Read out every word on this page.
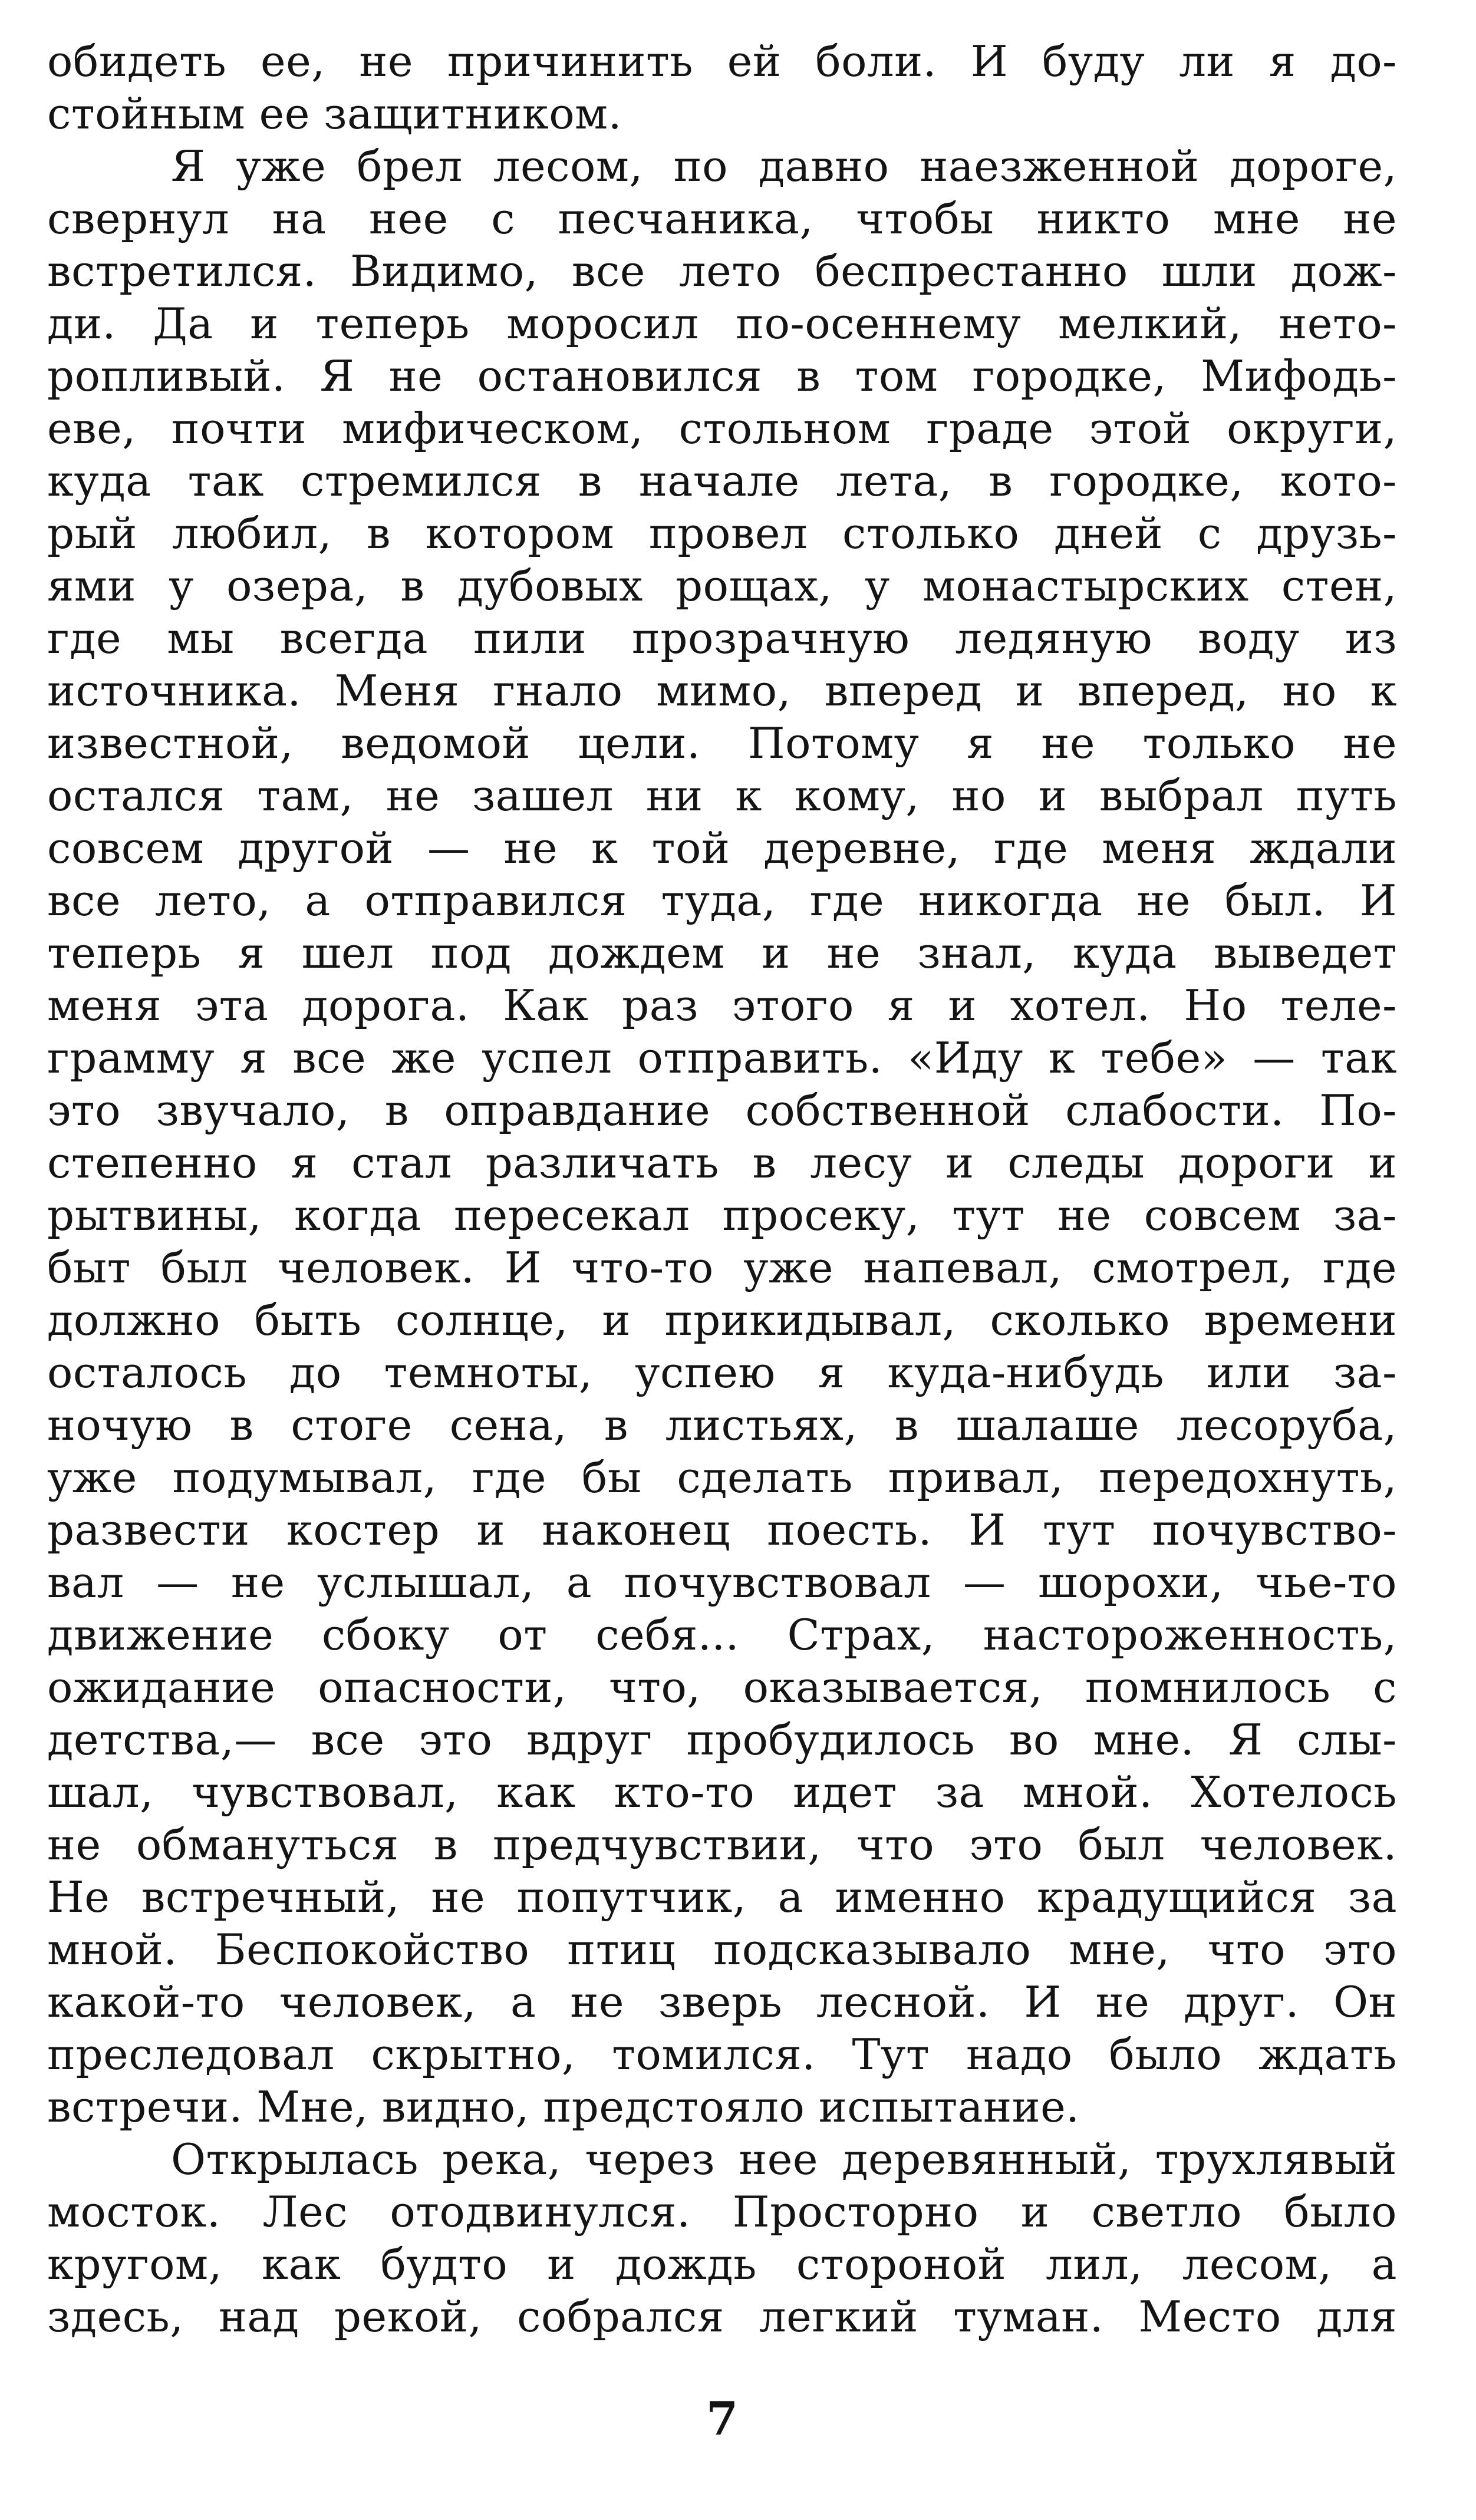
обидеть ее, не причинить ей боли. И буду ли я до-
стойным ее защитником.
Я уже брел лесом, по давно наезженной дороге,
свернул на нее с песчаника, чтобы никто мне не
встретился. Видимо, все лето беспрестанно шли дож-
ди. Да и теперь моросил по-осеннему мелкий, нето-
ропливый. Я не остановился в том городке, Мифодь-
еве, почти мифическом, стольном граде этой округи,
куда так стремился в начале лета, в городке, кото-
рый любил, в котором провел столько дней с друзь-
ями у озера, в дубовых рощах, у монастырских стен,
где мы всегда пили прозрачную ледяную воду из
источника. Меня гнало мимо, вперед и вперед, но к
известной, ведомой цели. Потому я не только не
остался там, не зашел ни к кому, но и выбрал путь
совсем другой — не к той деревне, где меня ждали
все лето, а отправился туда, где никогда не был. И
теперь я шел под дождем и не знал, куда выведет
меня эта дорога. Как раз этого я и хотел. Но теле-
грамму я все же успел отправить. «Иду к тебе» — так
это звучало, в оправдание собственной слабости. По-
степенно я стал различать в лесу и следы дороги и
рытвины, когда пересекал просеку, тут не совсем за-
быт был человек. И что-то уже напевал, смотрел, где
должно быть солнце, и прикидывал, сколько времени
осталось до темноты, успею я куда-нибудь или за-
ночую в стоге сена, в листьях, в шалаше лесоруба,
уже подумывал, где бы сделать привал, передохнуть,
развести костер и наконец поесть. И тут почувство-
вал — не услышал, а почувствовал — шорохи, чье-то
движение сбоку от себя... Страх, настороженность,
ожидание опасности, что, оказывается, помнилось с
детства,— все это вдруг пробудилось во мне. Я слы-
шал, чувствовал, как кто-то идет за мной. Хотелось
не обмануться в предчувствии, что это был человек.
Не встречный, не попутчик, а именно крадущийся за
мной. Беспокойство птиц подсказывало мне, что это
какой-то человек, а не зверь лесной. И не друг. Он
преследовал скрытно, томился. Тут надо было ждать
встречи. Мне, видно, предстояло испытание.
Открылась река, через нее деревянный, трухлявый
мосток. Лес отодвинулся. Просторно и светло было
кругом, как будто и дождь стороной лил, лесом, а
здесь, над рекой, собрался легкий туман. Место для
7
